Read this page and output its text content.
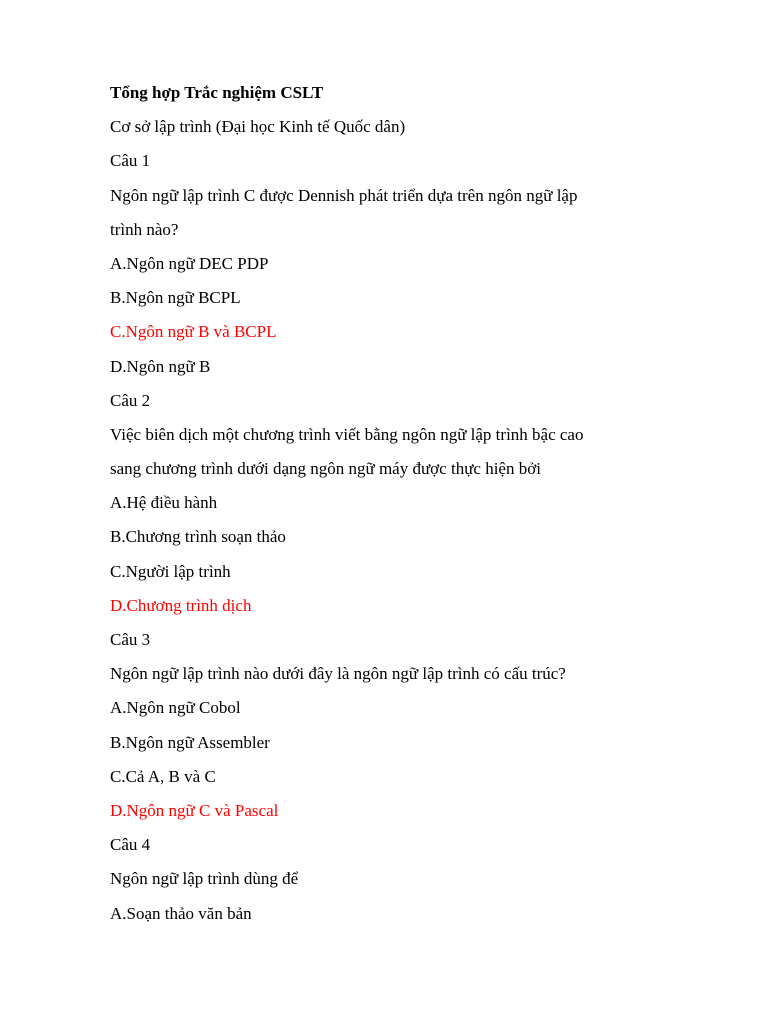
Tổng hợp Trắc nghiệm CSLT
Cơ sở lập trình (Đại học Kinh tế Quốc dân)
Câu 1
Ngôn ngữ lập trình C được Dennish phát triển dựa trên ngôn ngữ lập
trình nào?
A.Ngôn ngữ DEC PDP
B.Ngôn ngữ BCPL
C.Ngôn ngữ B và BCPL
D.Ngôn ngữ B
Câu 2
Việc biên dịch một chương trình viết bằng ngôn ngữ lập trình bậc cao
sang chương trình dưới dạng ngôn ngữ máy được thực hiện bởi
A.Hệ điều hành
B.Chương trình soạn thảo
C.Người lập trình
D.Chương trình dịch
Câu 3
Ngôn ngữ lập trình nào dưới đây là ngôn ngữ lập trình có cấu trúc?
A.Ngôn ngữ Cobol
B.Ngôn ngữ Assembler
C.Cả A, B và C
D.Ngôn ngữ C và Pascal
Câu 4
Ngôn ngữ lập trình dùng để
A.Soạn thảo văn bản
